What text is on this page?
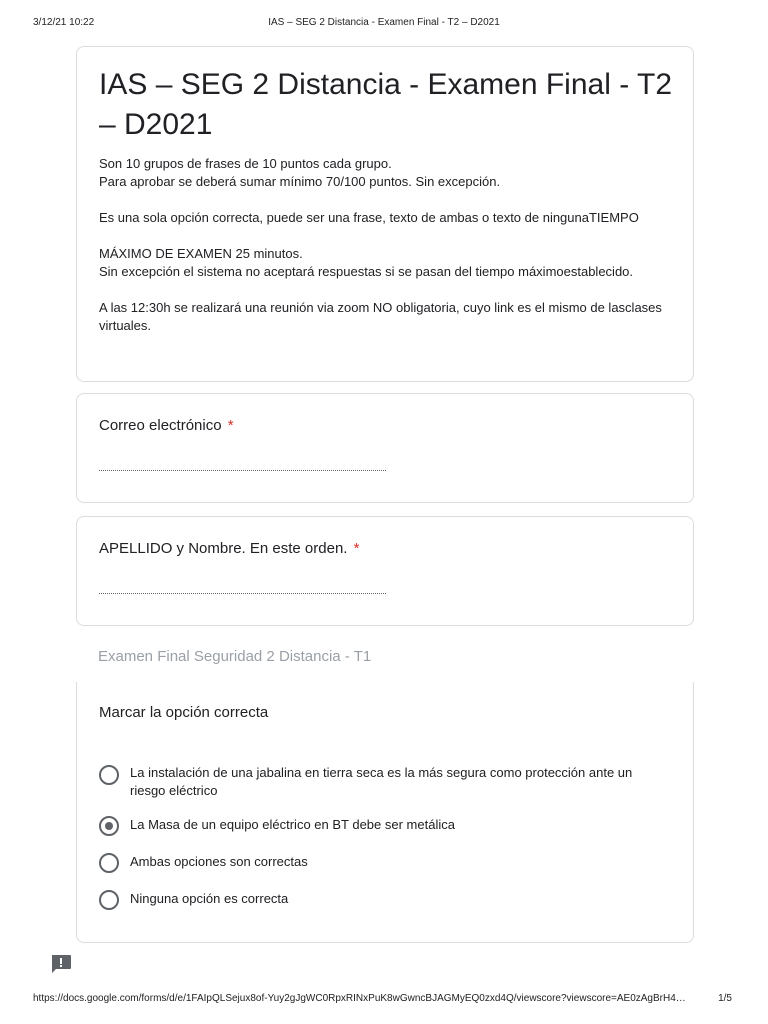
3/12/21 10:22	IAS – SEG 2 Distancia - Examen Final - T2 – D2021
IAS – SEG 2 Distancia - Examen Final - T2 – D2021

Son 10 grupos de frases de 10 puntos cada grupo.

Para aprobar se deberá sumar mínimo 70/100 puntos. Sin excepción.

Es una sola opción correcta, puede ser una frase, texto de ambas o texto de ningunaTIEMPO

MÁXIMO DE EXAMEN 25 minutos.

Sin excepción el sistema no aceptará respuestas si se pasan del tiempo máximoestablecido.

A las 12:30h se realizará una reunión via zoom NO obligatoria, cuyo link es el mismo de lasclases virtuales.

Correo electrónico *
APELLIDO y Nombre. En este orden. *
Examen Final Seguridad 2 Distancia - T1
Marcar la opción correcta
La instalación de una jabalina en tierra seca es la más segura como protección ante un riesgo eléctrico
La Masa de un equipo eléctrico en BT debe ser metálica
Ambas opciones son correctas
Ninguna opción es correcta
https://docs.google.com/forms/d/e/1FAIpQLSejux8of-Yuy2gJgWC0RpxRINxPuK8wGwncBJAGMyEQ0zxd4Q/viewscore?viewscore=AE0zAgBrH4…	1/5
